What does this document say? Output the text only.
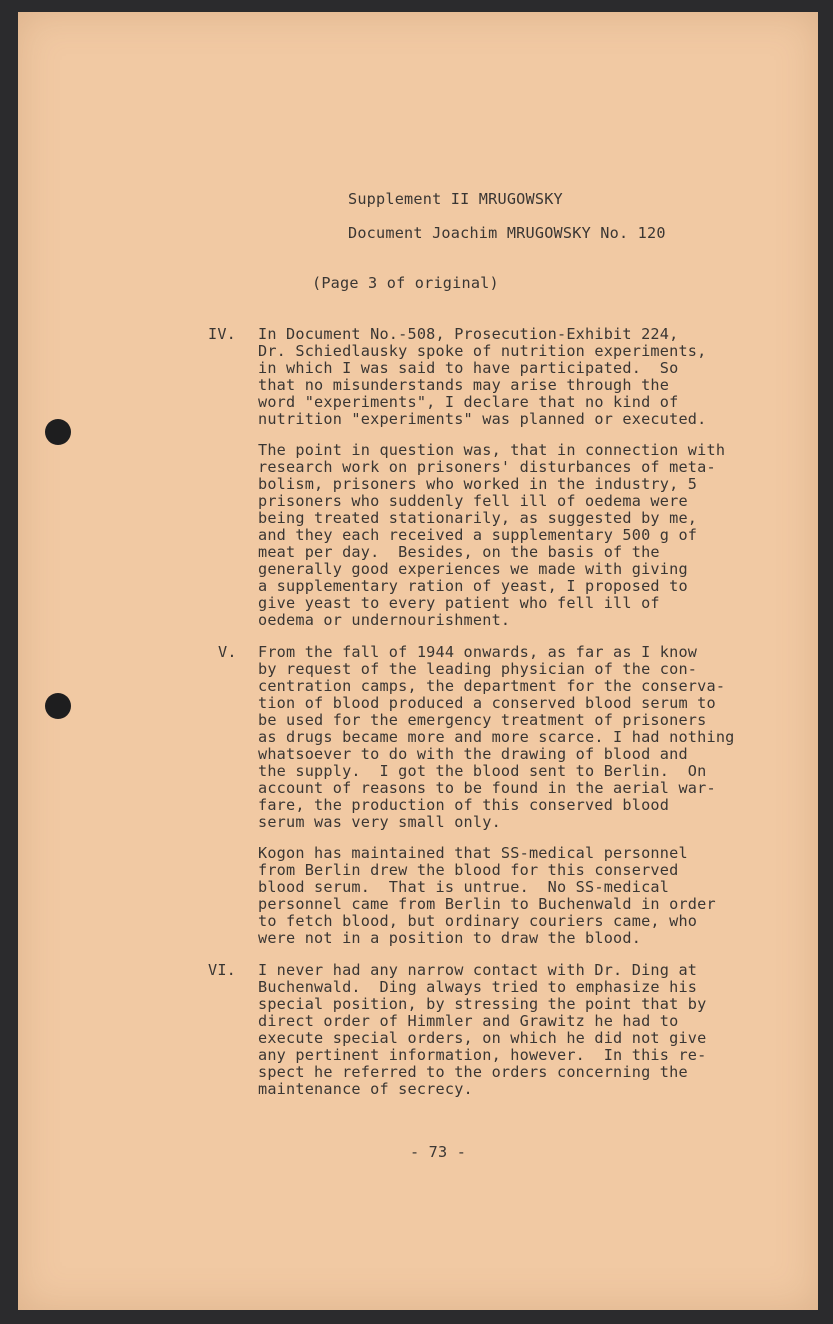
Supplement II MRUGOWSKY
Document Joachim MRUGOWSKY No. 120
(Page 3 of original)
IV. In Document No.-508, Prosecution-Exhibit 224,
Dr. Schiedlausky spoke of nutrition experiments,
in which I was said to have participated.  So
that no misunderstands may arise through the
word "experiments", I declare that no kind of
nutrition "experiments" was planned or executed.
The point in question was, that in connection with
research work on prisoners' disturbances of meta-
bolism, prisoners who worked in the industry, 5
prisoners who suddenly fell ill of oedema were
being treated stationarily, as suggested by me,
and they each received a supplementary 500 g of
meat per day.  Besides, on the basis of the
generally good experiences we made with giving
a supplementary ration of yeast, I proposed to
give yeast to every patient who fell ill of
oedema or undernourishment.
V. From the fall of 1944 onwards, as far as I know
by request of the leading physician of the con-
centration camps, the department for the conserva-
tion of blood produced a conserved blood serum to
be used for the emergency treatment of prisoners
as drugs became more and more scarce. I had nothing
whatsoever to do with the drawing of blood and
the supply.  I got the blood sent to Berlin.  On
account of reasons to be found in the aerial war-
fare, the production of this conserved blood
serum was very small only.
Kogon has maintained that SS-medical personnel
from Berlin drew the blood for this conserved
blood serum.  That is untrue.  No SS-medical
personnel came from Berlin to Buchenwald in order
to fetch blood, but ordinary couriers came, who
were not in a position to draw the blood.
VI. I never had any narrow contact with Dr. Ding at
Buchenwald.  Ding always tried to emphasize his
special position, by stressing the point that by
direct order of Himmler and Grawitz he had to
execute special orders, on which he did not give
any pertinent information, however.  In this re-
spect he referred to the orders concerning the
maintenance of secrecy.
- 73 -
